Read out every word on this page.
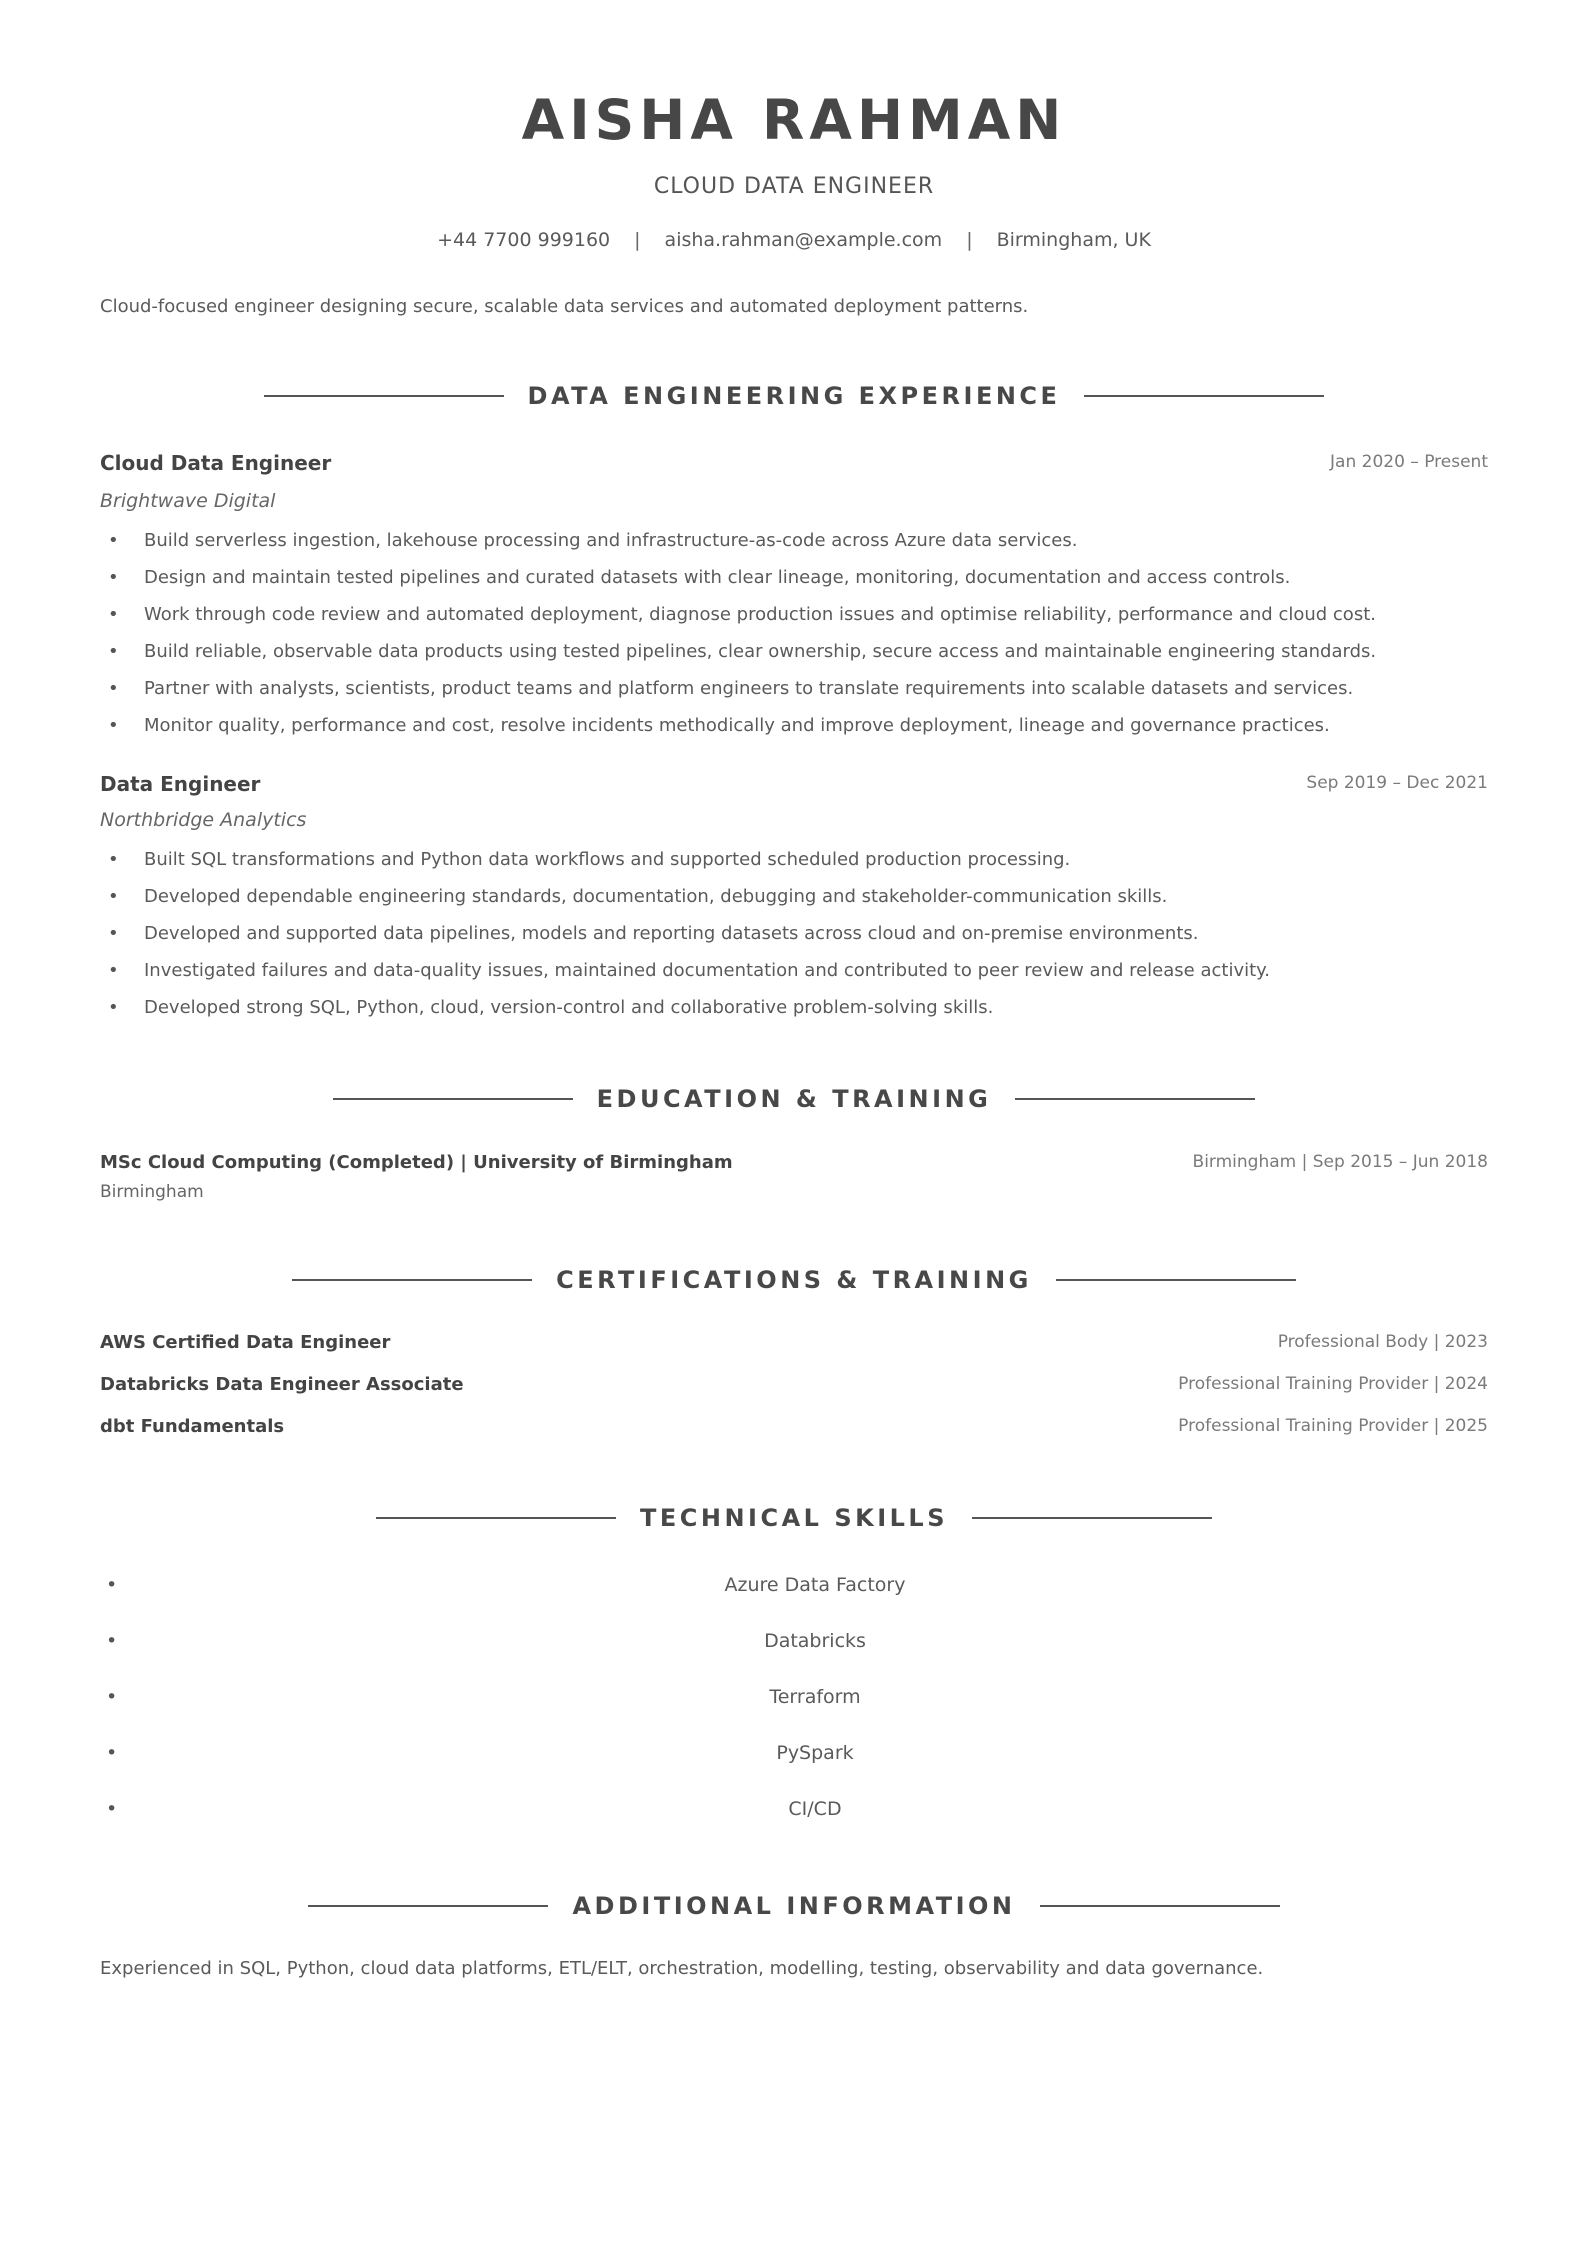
AISHA RAHMAN
CLOUD DATA ENGINEER
+44 7700 999160 | aisha.rahman@example.com | Birmingham, UK
Cloud-focused engineer designing secure, scalable data services and automated deployment patterns.
DATA ENGINEERING EXPERIENCE
Cloud Data Engineer	Jan 2020 – Present
Brightwave Digital
• Build serverless ingestion, lakehouse processing and infrastructure-as-code across Azure data services.
• Design and maintain tested pipelines and curated datasets with clear lineage, monitoring, documentation and access controls.
• Work through code review and automated deployment, diagnose production issues and optimise reliability, performance and cloud cost.
• Build reliable, observable data products using tested pipelines, clear ownership, secure access and maintainable engineering standards.
• Partner with analysts, scientists, product teams and platform engineers to translate requirements into scalable datasets and services.
• Monitor quality, performance and cost, resolve incidents methodically and improve deployment, lineage and governance practices.
Data Engineer	Sep 2019 – Dec 2021
Northbridge Analytics
• Built SQL transformations and Python data workflows and supported scheduled production processing.
• Developed dependable engineering standards, documentation, debugging and stakeholder-communication skills.
• Developed and supported data pipelines, models and reporting datasets across cloud and on-premise environments.
• Investigated failures and data-quality issues, maintained documentation and contributed to peer review and release activity.
• Developed strong SQL, Python, cloud, version-control and collaborative problem-solving skills.
EDUCATION & TRAINING
MSc Cloud Computing (Completed) | University of Birmingham	Birmingham | Sep 2015 – Jun 2018
Birmingham
CERTIFICATIONS & TRAINING
AWS Certified Data Engineer	Professional Body | 2023
Databricks Data Engineer Associate	Professional Training Provider | 2024
dbt Fundamentals	Professional Training Provider | 2025
TECHNICAL SKILLS
• Azure Data Factory
• Databricks
• Terraform
• PySpark
• CI/CD
ADDITIONAL INFORMATION
Experienced in SQL, Python, cloud data platforms, ETL/ELT, orchestration, modelling, testing, observability and data governance.
